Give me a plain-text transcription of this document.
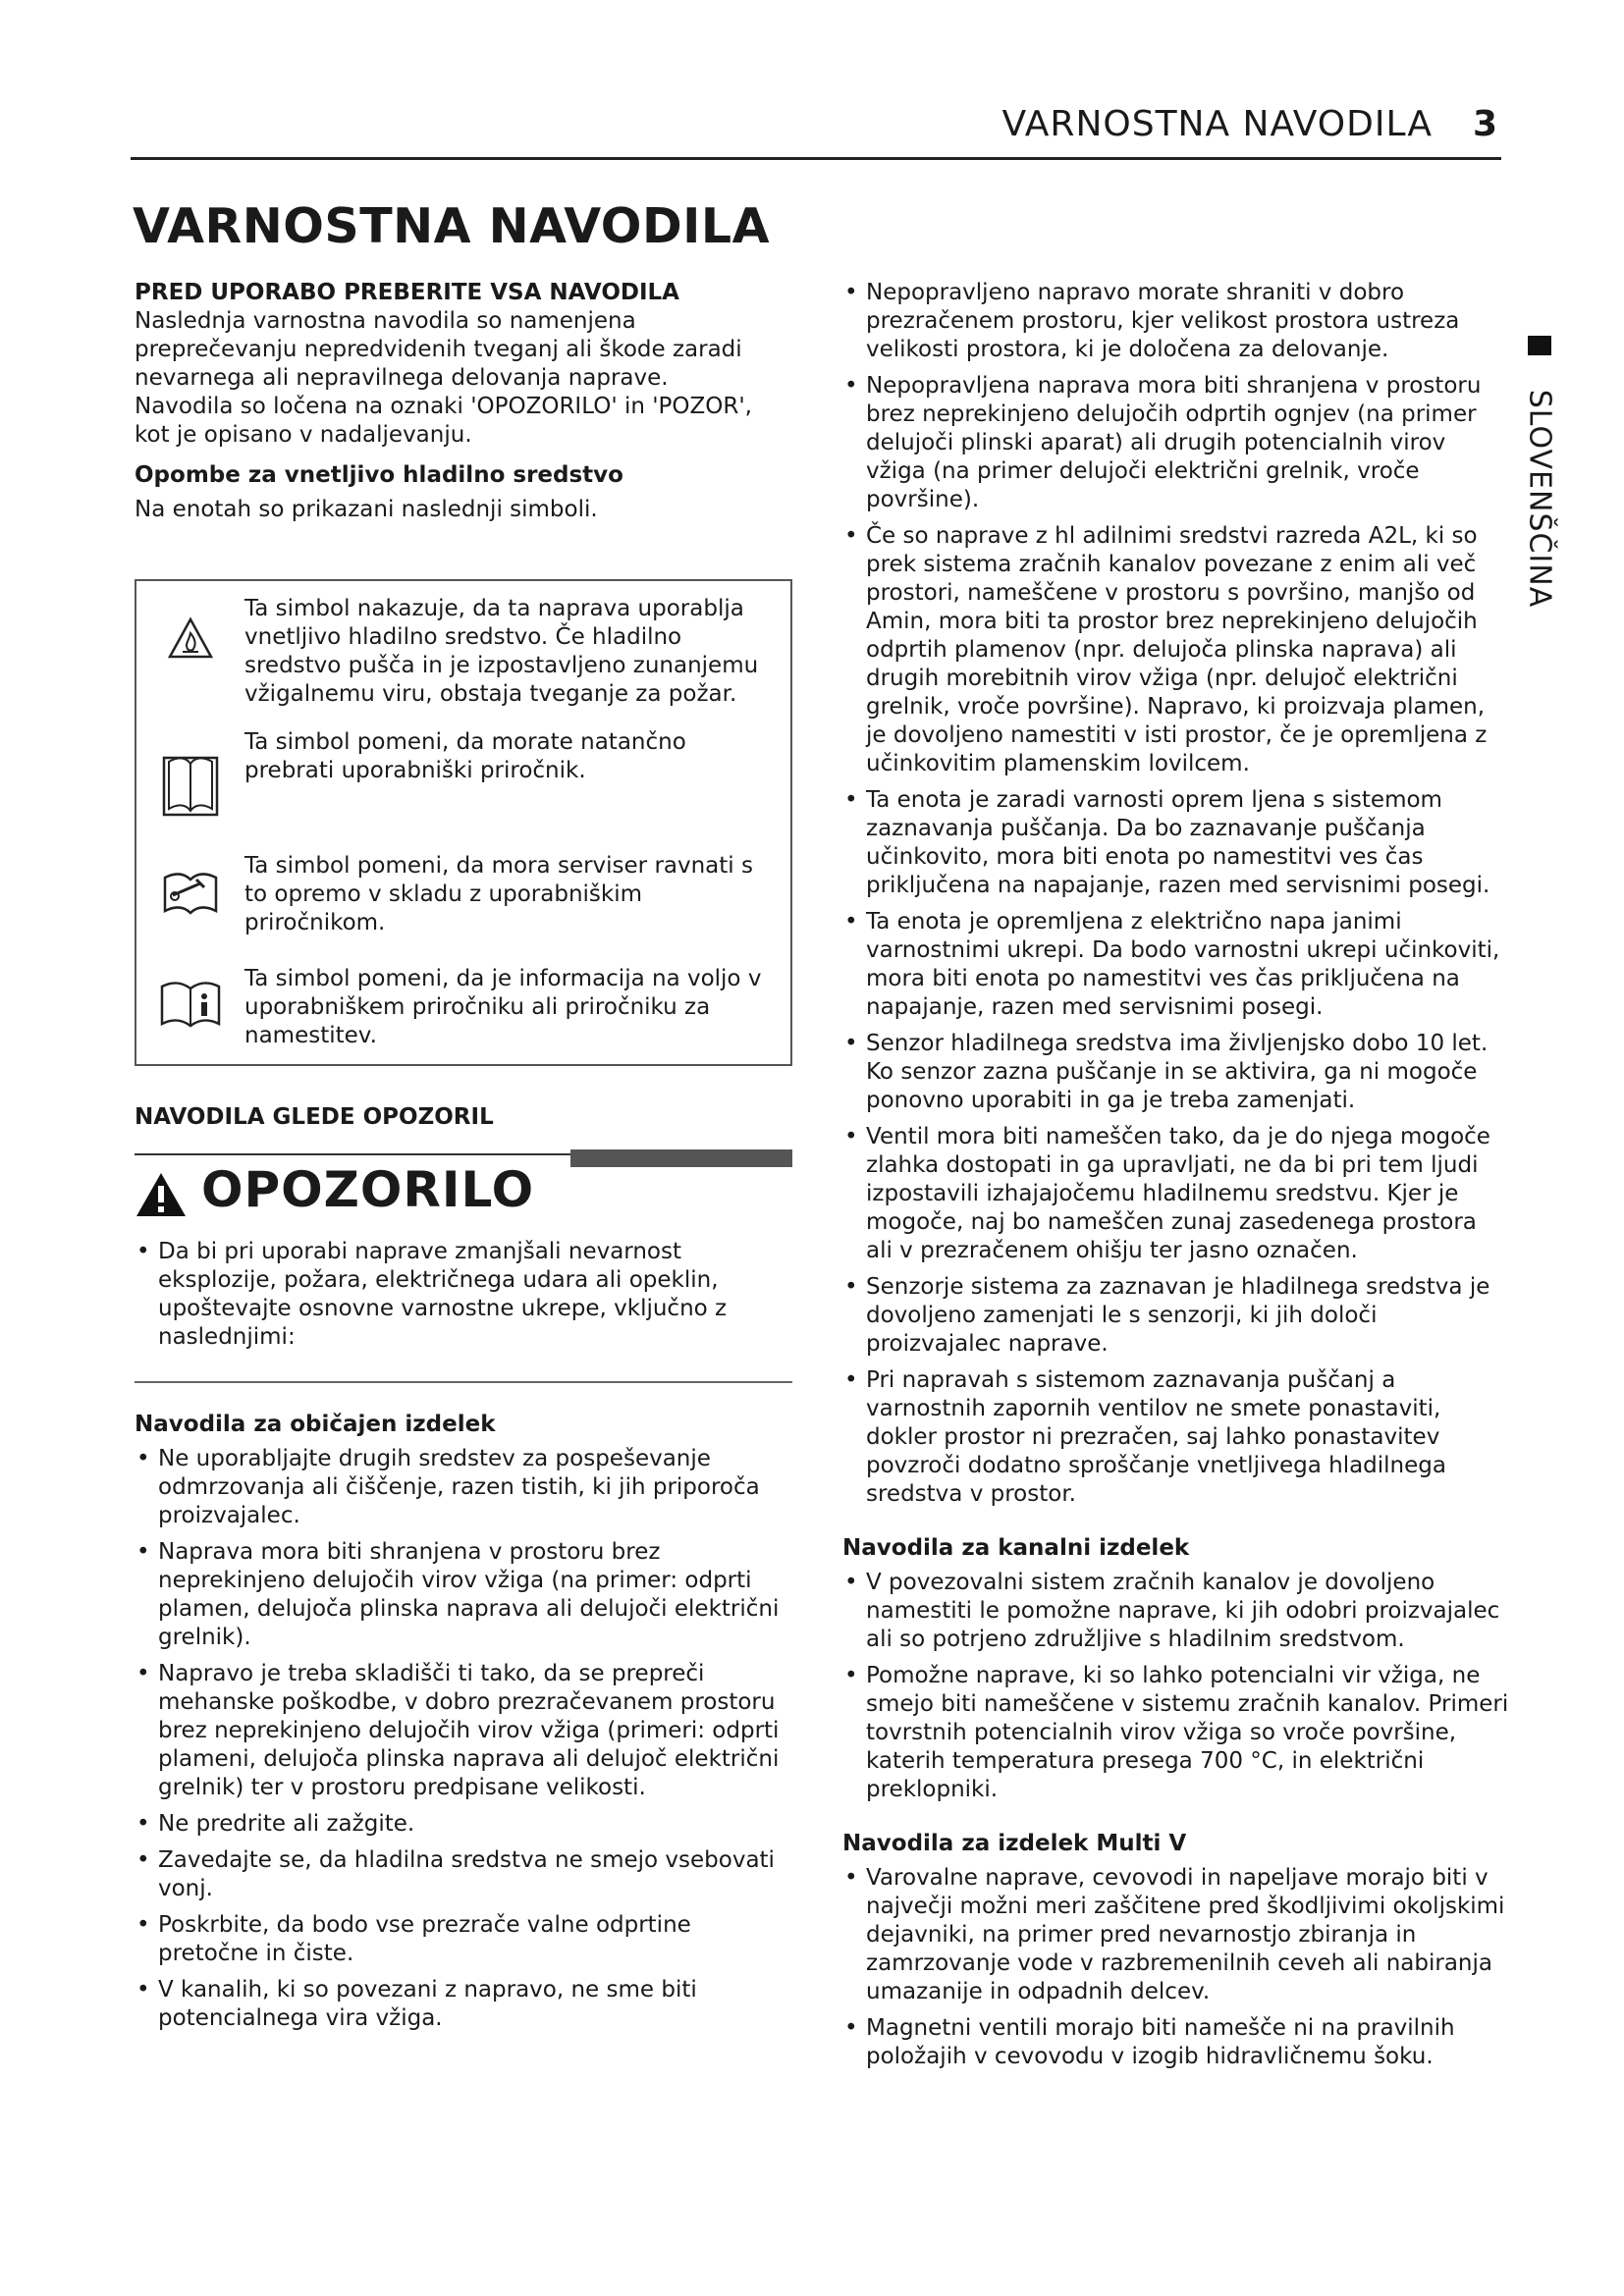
VARNOSTNA NAVODILA 3
SLOVENŠČINA
VARNOSTNA NAVODILA

PRED UPORABO PREBERITE VSA NAVODILA

Naslednja varnostna navodila so namenjena preprečevanju nepredvidenih tveganj ali škode zaradi nevarnega ali nepravilnega delovanja naprave.

Navodila so ločena na oznaki 'OPOZORILO' in 'POZOR', kot je opisano v nadaljevanju.

Opombe za vnetljivo hladilno sredstvo

Na enotah so prikazani naslednji simboli.

Ta simbol nakazuje, da ta naprava uporablja vnetljivo hladilno sredstvo. Če hladilno sredstvo pušča in je izpostavljeno zunanjemu vžigalnemu viru, obstaja tveganje za požar.
Ta simbol pomeni, da morate natančno prebrati uporabniški priročnik.
Ta simbol pomeni, da mora serviser ravnati s to opremo v skladu z uporabniškim priročnikom.
Ta simbol pomeni, da je informacija na voljo v uporabniškem priročniku ali priročniku za namestitev.

NAVODILA GLEDE OPOZORIL

OPOZORILO
• Da bi pri uporabi naprave zmanjšali nevarnost eksplozije, požara, električnega udara ali opeklin, upoštevajte osnovne varnostne ukrepe, vključno z naslednjimi:

Navodila za običajen izdelek

• Ne uporabljajte drugih sredstev za pospeševanje odmrzovanja ali čiščenje, razen tistih, ki jih priporoča proizvajalec.
• Naprava mora biti shranjena v prostoru brez neprekinjeno delujočih virov vžiga (na primer: odprti plamen, delujoča plinska naprava ali delujoči električni grelnik).
• Napravo je treba skladišči ti tako, da se prepreči mehanske poškodbe, v dobro prezračevanem prostoru brez neprekinjeno delujočih virov vžiga (primeri: odprti plameni, delujoča plinska naprava ali delujoč električni grelnik) ter v prostoru predpisane velikosti.
• Ne predrite ali zažgite.
• Zavedajte se, da hladilna sredstva ne smejo vsebovati vonj.
• Poskrbite, da bodo vse prezrače valne odprtine pretočne in čiste.
• V kanalih, ki so povezani z napravo, ne sme biti potencialnega vira vžiga.
• Nepopravljeno napravo morate shraniti v dobro prezračenem prostoru, kjer velikost prostora ustreza velikosti prostora, ki je določena za delovanje.
• Nepopravljena naprava mora biti shranjena v prostoru brez neprekinjeno delujočih odprtih ognjev (na primer delujoči plinski aparat) ali drugih potencialnih virov vžiga (na primer delujoči električni grelnik, vroče površine).
• Če so naprave z hl adilnimi sredstvi razreda A2L, ki so prek sistema zračnih kanalov povezane z enim ali več prostori, nameščene v prostoru s površino, manjšo od Amin, mora biti ta prostor brez neprekinjeno delujočih odprtih plamenov (npr. delujoča plinska naprava) ali drugih morebitnih virov vžiga (npr. delujoč električni grelnik, vroče površine). Napravo, ki proizvaja plamen, je dovoljeno namestiti v isti prostor, če je opremljena z učinkovitim plamenskim lovilcem.
• Ta enota je zaradi varnosti oprem ljena s sistemom zaznavanja puščanja. Da bo zaznavanje puščanja učinkovito, mora biti enota po namestitvi ves čas priključena na napajanje, razen med servisnimi posegi.
• Ta enota je opremljena z električno napa janimi varnostnimi ukrepi. Da bodo varnostni ukrepi učinkoviti, mora biti enota po namestitvi ves čas priključena na napajanje, razen med servisnimi posegi.
• Senzor hladilnega sredstva ima življenjsko dobo 10 let. Ko senzor zazna puščanje in se aktivira, ga ni mogoče ponovno uporabiti in ga je treba zamenjati.
• Ventil mora biti nameščen tako, da je do njega mogoče zlahka dostopati in ga upravljati, ne da bi pri tem ljudi izpostavili izhajajočemu hladilnemu sredstvu. Kjer je mogoče, naj bo nameščen zunaj zasedenega prostora ali v prezračenem ohišju ter jasno označen.
• Senzorje sistema za zaznavan je hladilnega sredstva je dovoljeno zamenjati le s senzorji, ki jih določi proizvajalec naprave.
• Pri napravah s sistemom zaznavanja puščanj a varnostnih zapornih ventilov ne smete ponastaviti, dokler prostor ni prezračen, saj lahko ponastavitev povzroči dodatno sproščanje vnetljivega hladilnega sredstva v prostor.

Navodila za kanalni izdelek

• V povezovalni sistem zračnih kanalov je dovoljeno namestiti le pomožne naprave, ki jih odobri proizvajalec ali so potrjeno združljive s hladilnim sredstvom.
• Pomožne naprave, ki so lahko potencialni vir vžiga, ne smejo biti nameščene v sistemu zračnih kanalov. Primeri tovrstnih potencialnih virov vžiga so vroče površine, katerih temperatura presega 700 °C, in električni preklopniki.

Navodila za izdelek Multi V

• Varovalne naprave, cevovodi in napeljave morajo biti v največji možni meri zaščitene pred škodljivimi okoljskimi dejavniki, na primer pred nevarnostjo zbiranja in zamrzovanje vode v razbremenilnih ceveh ali nabiranja umazanije in odpadnih delcev.
• Magnetni ventili morajo biti namešče ni na pravilnih položajih v cevovodu v izogib hidravličnemu šoku.
